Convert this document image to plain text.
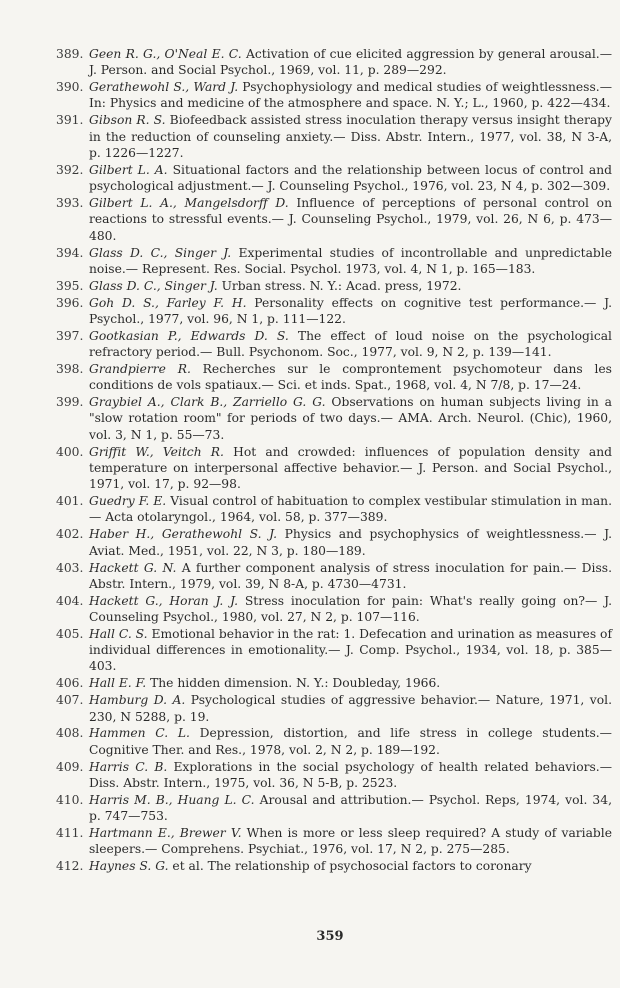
389. Geen R. G., O'Neal E. C. Activation of cue elicited aggression by general arousal.— J. Person. and Social Psychol., 1969, vol. 11, p. 289—292.
390. Gerathewohl S., Ward J. Psychophysiology and medical studies of weightlessness.— In: Physics and medicine of the atmosphere and space. N. Y.; L., 1960, p. 422—434.
391. Gibson R. S. Biofeedback assisted stress inoculation therapy versus insight therapy in the reduction of counseling anxiety.— Diss. Abstr. Intern., 1977, vol. 38, N 3-A, p. 1226—1227.
392. Gilbert L. A. Situational factors and the relationship between locus of control and psychological adjustment.— J. Counseling Psychol., 1976, vol. 23, N 4, p. 302—309.
393. Gilbert L. A., Mangelsdorff D. Influence of perceptions of personal control on reactions to stressful events.— J. Counseling Psychol., 1979, vol. 26, N 6, p. 473—480.
394. Glass D. C., Singer J. Experimental studies of incontrollable and unpredictable noise.— Represent. Res. Social. Psychol. 1973, vol. 4, N 1, p. 165—183.
395. Glass D. C., Singer J. Urban stress. N. Y.: Acad. press, 1972.
396. Goh D. S., Farley F. H. Personality effects on cognitive test performance.— J. Psychol., 1977, vol. 96, N 1, p. 111—122.
397. Gootkasian P., Edwards D. S. The effect of loud noise on the psychological refractory period.— Bull. Psychonom. Soc., 1977, vol. 9, N 2, p. 139—141.
398. Grandpierre R. Recherches sur le comprontement psychomoteur dans les conditions de vols spatiaux.— Sci. et inds. Spat., 1968, vol. 4, N 7/8, p. 17—24.
399. Graybiel A., Clark B., Zarriello G. G. Observations on human subjects living in a "slow rotation room" for periods of two days.— AMA. Arch. Neurol. (Chic), 1960, vol. 3, N 1, p. 55—73.
400. Griffit W., Veitch R. Hot and crowded: influences of population density and temperature on interpersonal affective behavior.— J. Person. and Social Psychol., 1971, vol. 17, p. 92—98.
401. Guedry F. E. Visual control of habituation to complex vestibular stimulation in man.— Acta otolaryngol., 1964, vol. 58, p. 377—389.
402. Haber H., Gerathewohl S. J. Physics and psychophysics of weightlessness.— J. Aviat. Med., 1951, vol. 22, N 3, p. 180—189.
403. Hackett G. N. A further component analysis of stress inoculation for pain.— Diss. Abstr. Intern., 1979, vol. 39, N 8-A, p. 4730—4731.
404. Hackett G., Horan J. J. Stress inoculation for pain: What's really going on?— J. Counseling Psychol., 1980, vol. 27, N 2, p. 107—116.
405. Hall C. S. Emotional behavior in the rat: 1. Defecation and urination as measures of individual differences in emotionality.— J. Comp. Psychol., 1934, vol. 18, p. 385—403.
406. Hall E. F. The hidden dimension. N. Y.: Doubleday, 1966.
407. Hamburg D. A. Psychological studies of aggressive behavior.— Nature, 1971, vol. 230, N 5288, p. 19.
408. Hammen C. L. Depression, distortion, and life stress in college students.— Cognitive Ther. and Res., 1978, vol. 2, N 2, p. 189—192.
409. Harris C. B. Explorations in the social psychology of health related behaviors.— Diss. Abstr. Intern., 1975, vol. 36, N 5-B, p. 2523.
410. Harris M. B., Huang L. C. Arousal and attribution.— Psychol. Reps, 1974, vol. 34, p. 747—753.
411. Hartmann E., Brewer V. When is more or less sleep required? A study of variable sleepers.— Comprehens. Psychiat., 1976, vol. 17, N 2, p. 275—285.
412. Haynes S. G. et al. The relationship of psychosocial factors to coronary
359
